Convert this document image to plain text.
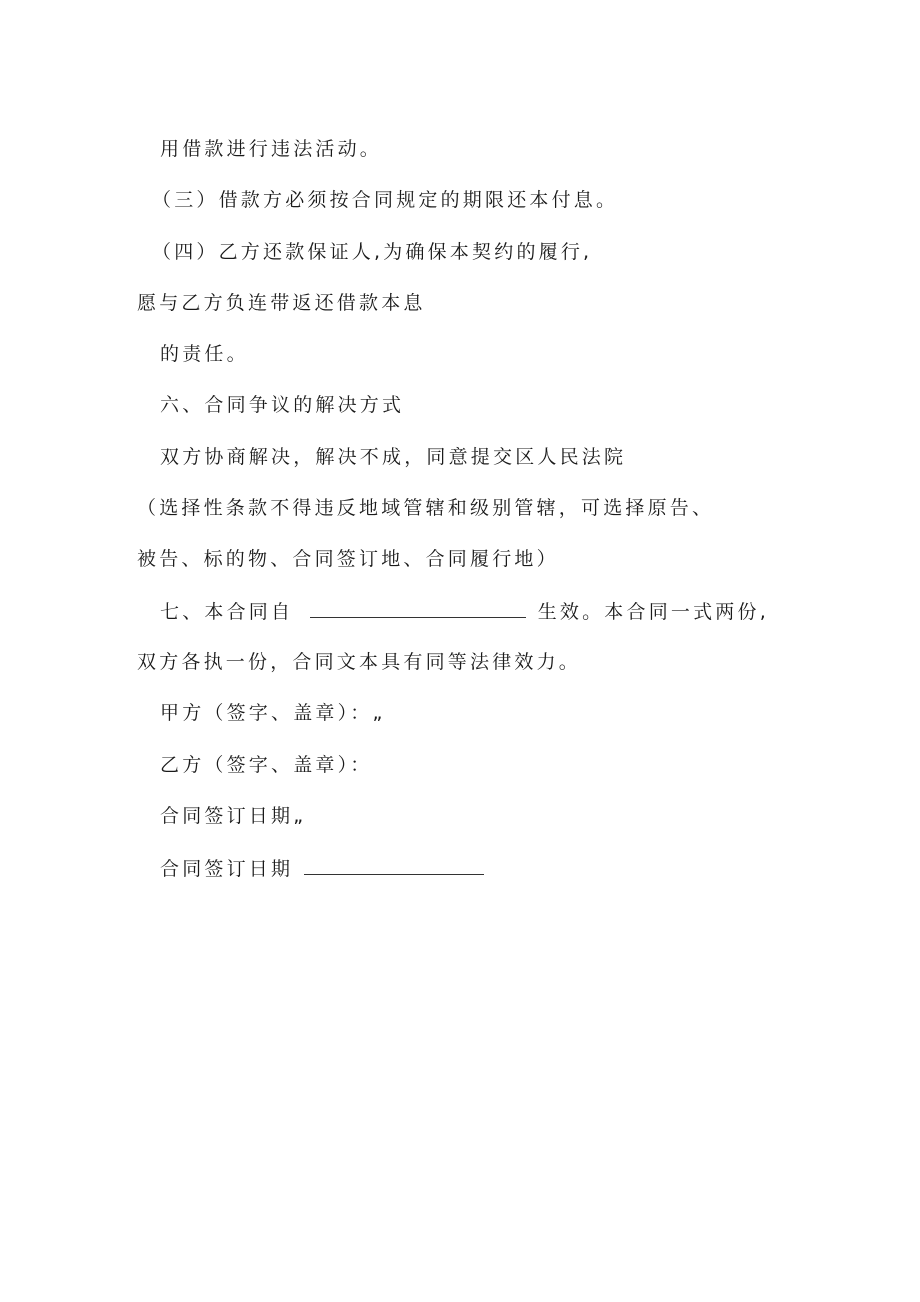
用借款进行违法活动。
（三）借款方必须按合同规定的期限还本付息。
（四）乙方还款保证人,为确保本契约的履行,
愿与乙方负连带返还借款本息
的责任。
六、合同争议的解决方式
双方协商解决，解决不成，同意提交区人民法院
（选择性条款不得违反地域管辖和级别管辖，可选择原告、
被告、标的物、合同签订地、合同履行地）
七、本合同自	生效。本合同一式两份,
双方各执一份，合同文本具有同等法律效力。
甲方（签字、盖章）：„
乙方（签字、盖章）：
合同签订日期„
合同签订日期
